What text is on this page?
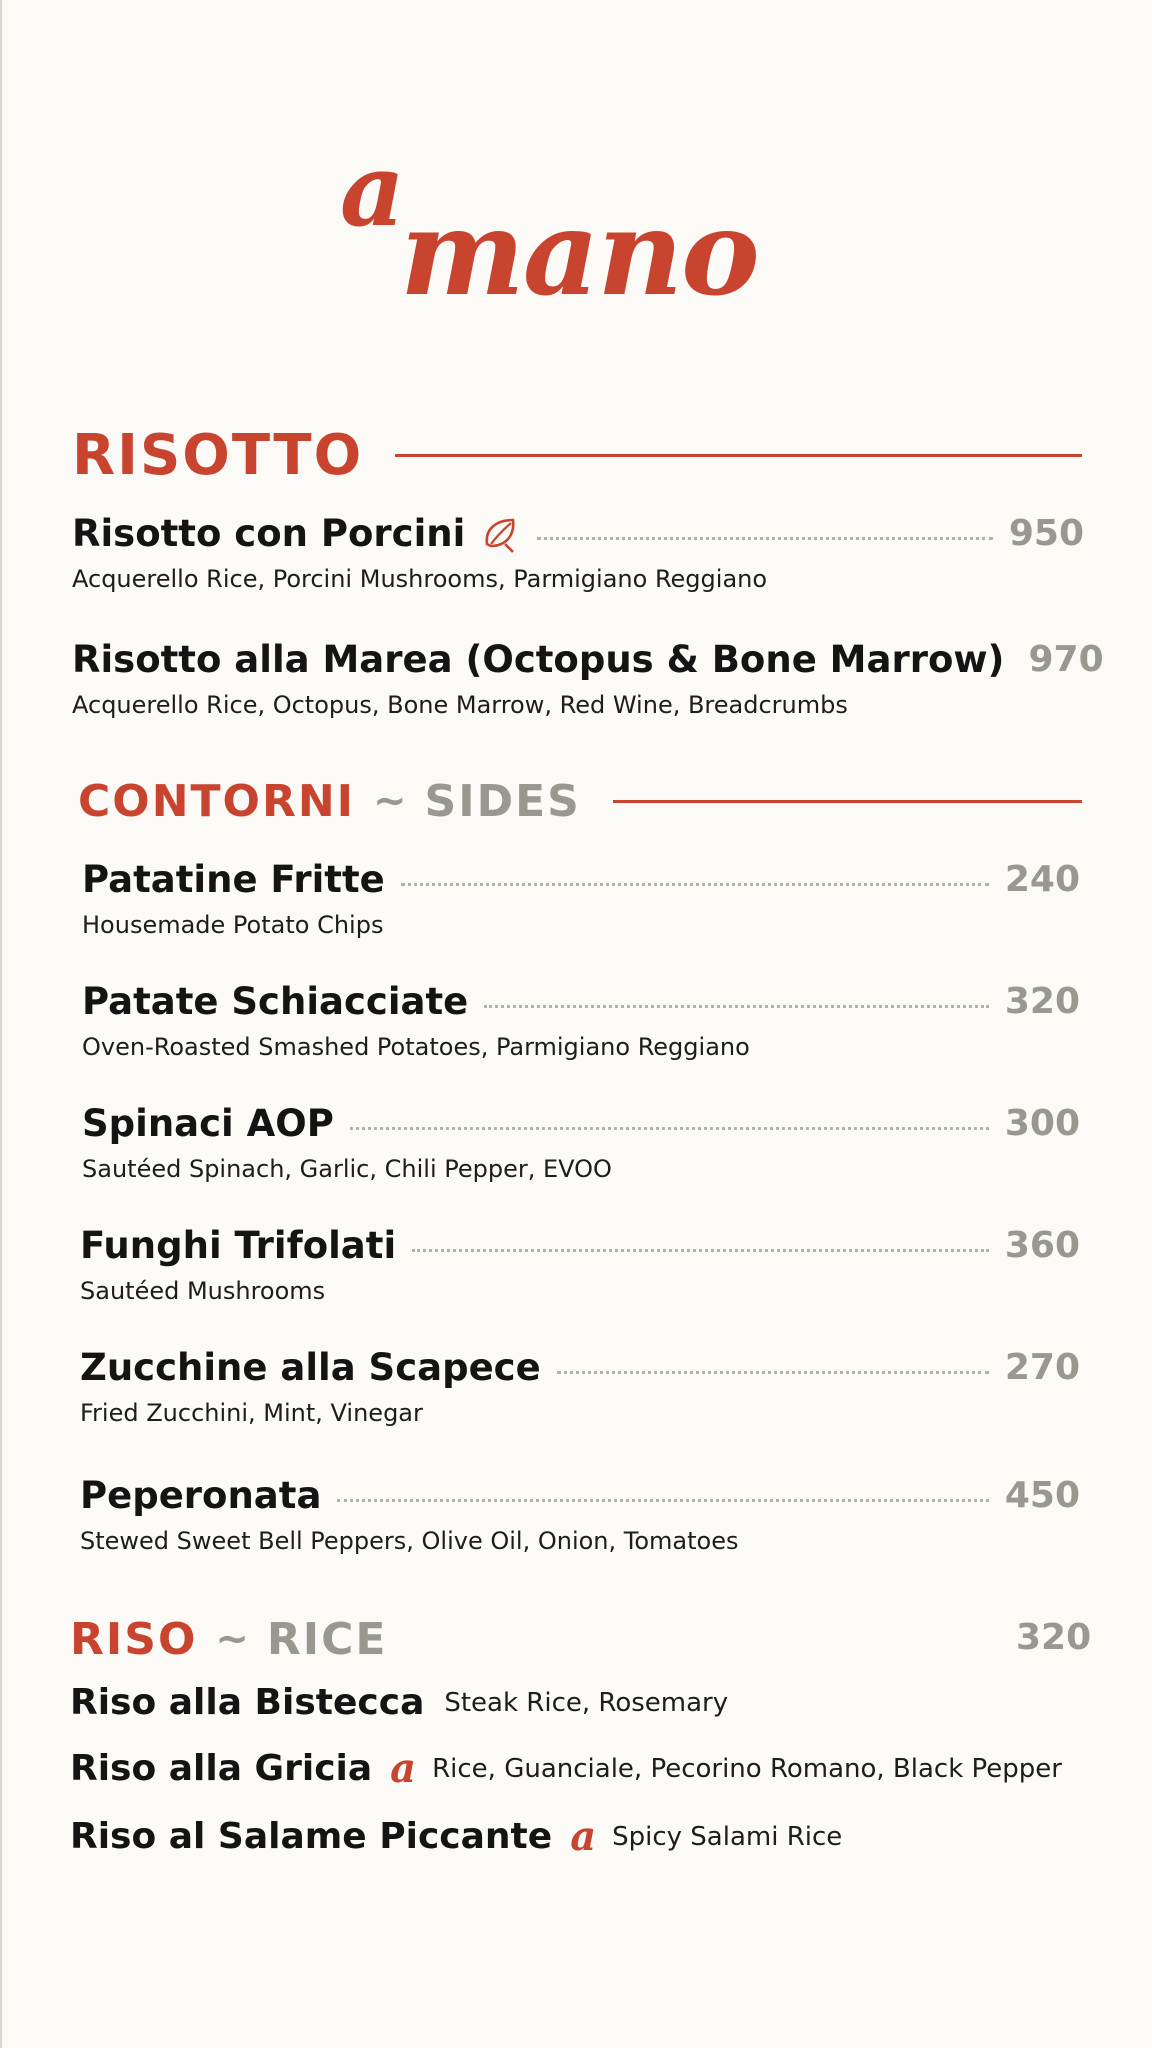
a
mano
RISOTTO
Risotto con Porcini	950
Acquerello Rice, Porcini Mushrooms, Parmigiano Reggiano
Risotto alla Marea (Octopus & Bone Marrow) 970
Acquerello Rice, Octopus, Bone Marrow, Red Wine, Breadcrumbs
CONTORNI ~ SIDES
Patatine Fritte	240
Housemade Potato Chips
Patate Schiacciate	320
Oven-Roasted Smashed Potatoes, Parmigiano Reggiano
Spinaci AOP	300
Sautéed Spinach, Garlic, Chili Pepper, EVOO
Funghi Trifolati	360
Sautéed Mushrooms
Zucchine alla Scapece	270
Fried Zucchini, Mint, Vinegar
Peperonata	450
Stewed Sweet Bell Peppers, Olive Oil, Onion, Tomatoes
RISO ~ RICE	320
Riso alla Bistecca Steak Rice, Rosemary
Riso alla Gricia a Rice, Guanciale, Pecorino Romano, Black Pepper
Riso al Salame Piccante a Spicy Salami Rice
